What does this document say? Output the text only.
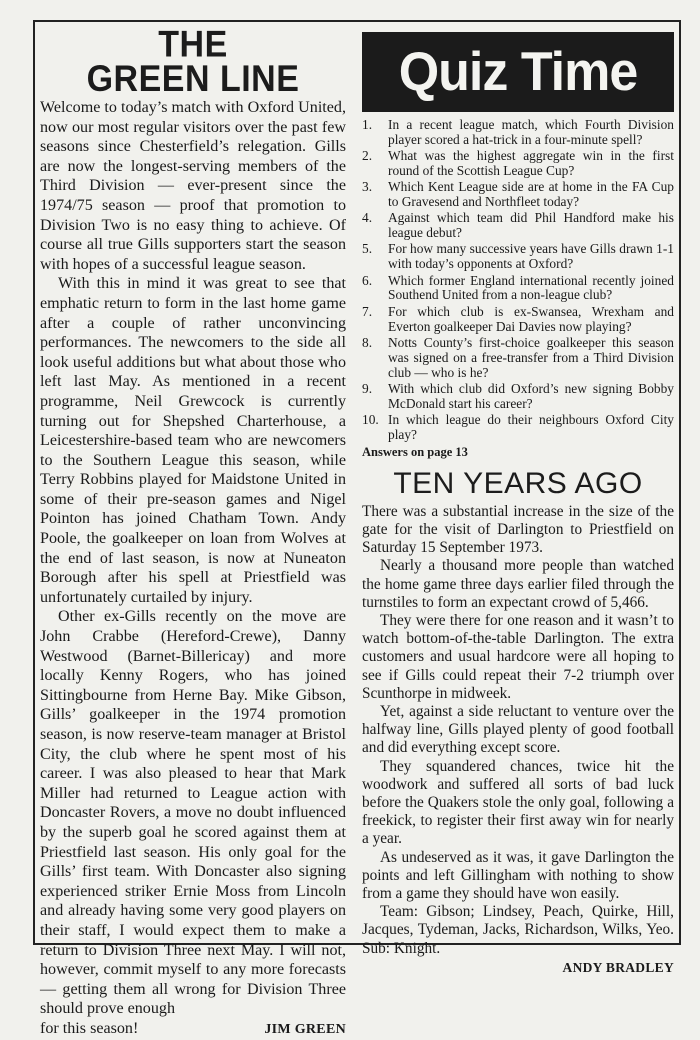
THE
GREEN LINE

Welcome to today’s match with Oxford United, now our most regular visitors over the past few seasons since Chesterfield’s relegation. Gills are now the longest-serving members of the Third Division — ever-present since the 1974/75 season — proof that promotion to Division Two is no easy thing to achieve. Of course all true Gills supporters start the season with hopes of a successful league season.

With this in mind it was great to see that emphatic return to form in the last home game after a couple of rather unconvincing performances. The newcomers to the side all look useful additions but what about those who left last May. As mentioned in a recent programme, Neil Grewcock is currently turning out for Shepshed Charterhouse, a Leicestershire-based team who are newcomers to the Southern League this season, while Terry Robbins played for Maidstone United in some of their pre-season games and Nigel Pointon has joined Chatham Town. Andy Poole, the goalkeeper on loan from Wolves at the end of last season, is now at Nuneaton Borough after his spell at Priestfield was unfortunately curtailed by injury.

Other ex-Gills recently on the move are John Crabbe (Hereford-Crewe), Danny Westwood (Barnet-Billericay) and more locally Kenny Rogers, who has joined Sittingbourne from Herne Bay. Mike Gibson, Gills’ goalkeeper in the 1974 promotion season, is now reserve-team manager at Bristol City, the club where he spent most of his career. I was also pleased to hear that Mark Miller had returned to League action with Doncaster Rovers, a move no doubt influenced by the superb goal he scored against them at Priestfield last season. His only goal for the Gills’ first team. With Doncaster also signing experienced striker Ernie Moss from Lincoln and already having some very good players on their staff, I would expect them to make a return to Division Three next May. I will not, however, commit myself to any more forecasts — getting them all wrong for Division Three should prove enough

for this season!	JIM GREEN
Quiz Time
1.	In a recent league match, which Fourth Division player scored a hat-trick in a four-minute spell?
2.	What was the highest aggregate win in the first round of the Scottish League Cup?
3.	Which Kent League side are at home in the FA Cup to Gravesend and Northfleet today?
4.	Against which team did Phil Handford make his league debut?
5.	For how many successive years have Gills drawn 1-1 with today’s opponents at Oxford?
6.	Which former England international recently joined Southend United from a non-league club?
7.	For which club is ex-Swansea, Wrexham and Everton goalkeeper Dai Davies now playing?
8.	Notts County’s first-choice goalkeeper this season was signed on a free-transfer from a Third Division club — who is he?
9.	With which club did Oxford’s new signing Bobby McDonald start his career?
10. In which league do their neighbours Oxford City play?
Answers on page 13
TEN YEARS AGO

There was a substantial increase in the size of the gate for the visit of Darlington to Priestfield on Saturday 15 September 1973.

Nearly a thousand more people than watched the home game three days earlier filed through the turnstiles to form an expectant crowd of 5,466.

They were there for one reason and it wasn’t to watch bottom-of-the-table Darlington. The extra customers and usual hardcore were all hoping to see if Gills could repeat their 7-2 triumph over Scunthorpe in midweek.

Yet, against a side reluctant to venture over the halfway line, Gills played plenty of good football and did everything except score.

They squandered chances, twice hit the woodwork and suffered all sorts of bad luck before the Quakers stole the only goal, following a freekick, to register their first away win for nearly a year.

As undeserved as it was, it gave Darlington the points and left Gillingham with nothing to show from a game they should have won easily.

Team: Gibson; Lindsey, Peach, Quirke, Hill, Jacques, Tydeman, Jacks, Richardson, Wilks, Yeo. Sub: Knight.

ANDY BRADLEY
